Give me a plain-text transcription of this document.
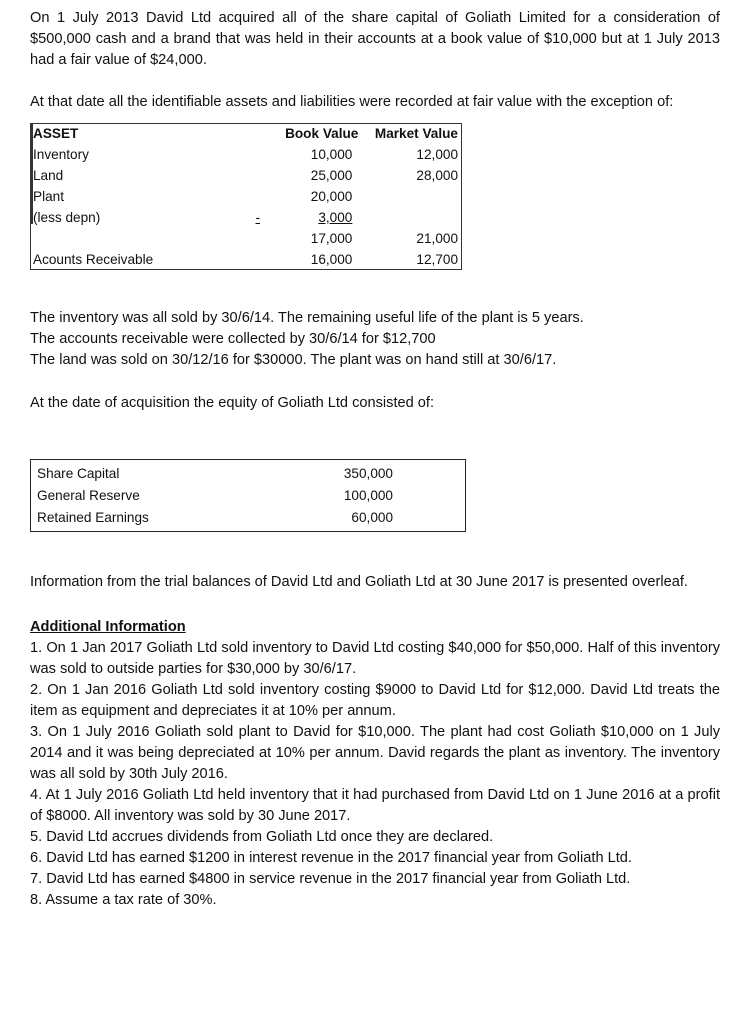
On 1 July 2013 David Ltd acquired all of the share capital of Goliath Limited for a consideration of $500,000 cash and a brand that was held in their accounts at a book value of $10,000 but at 1 July 2013 had a fair value of $24,000.

At that date all the identifiable assets and liabilities were recorded at fair value with the exception of:

ASSET		Book Value	Market Value
Inventory		10,000	12,000
Land		25,000	28,000
Plant		20,000	
(less depn)	-	3,000	
		17,000	21,000
Acounts Receivable		16,000	12,700
The inventory was all sold by 30/6/14. The remaining useful life of the plant is 5 years.
The accounts receivable were collected by 30/6/14 for $12,700
The land was sold on 30/12/16 for $30000. The plant was on hand still at 30/6/17.

At the date of acquisition the equity of Goliath Ltd consisted of:

Share Capital	350,000
General Reserve	100,000
Retained Earnings	60,000

Information from the trial balances of David Ltd and Goliath Ltd at 30 June 2017 is presented overleaf.

Additional Information

1. On 1 Jan 2017 Goliath Ltd sold inventory to David Ltd costing $40,000 for $50,000. Half of this inventory was sold to outside parties for $30,000 by 30/6/17.
2. On 1 Jan 2016 Goliath Ltd sold inventory costing $9000 to David Ltd for $12,000. David Ltd treats the item as equipment and depreciates it at 10% per annum.
3. On 1 July 2016 Goliath sold plant to David for $10,000. The plant had cost Goliath $10,000 on 1 July 2014 and it was being depreciated at 10% per annum. David regards the plant as inventory. The inventory was all sold by 30th July 2016.
4. At 1 July 2016 Goliath Ltd held inventory that it had purchased from David Ltd on 1 June 2016 at a profit of $8000. All inventory was sold by 30 June 2017.
5. David Ltd accrues dividends from Goliath Ltd once they are declared.
6. David Ltd has earned $1200 in interest revenue in the 2017 financial year from Goliath Ltd.
7. David Ltd has earned $4800 in service revenue in the 2017 financial year from Goliath Ltd.
8. Assume a tax rate of 30%.
